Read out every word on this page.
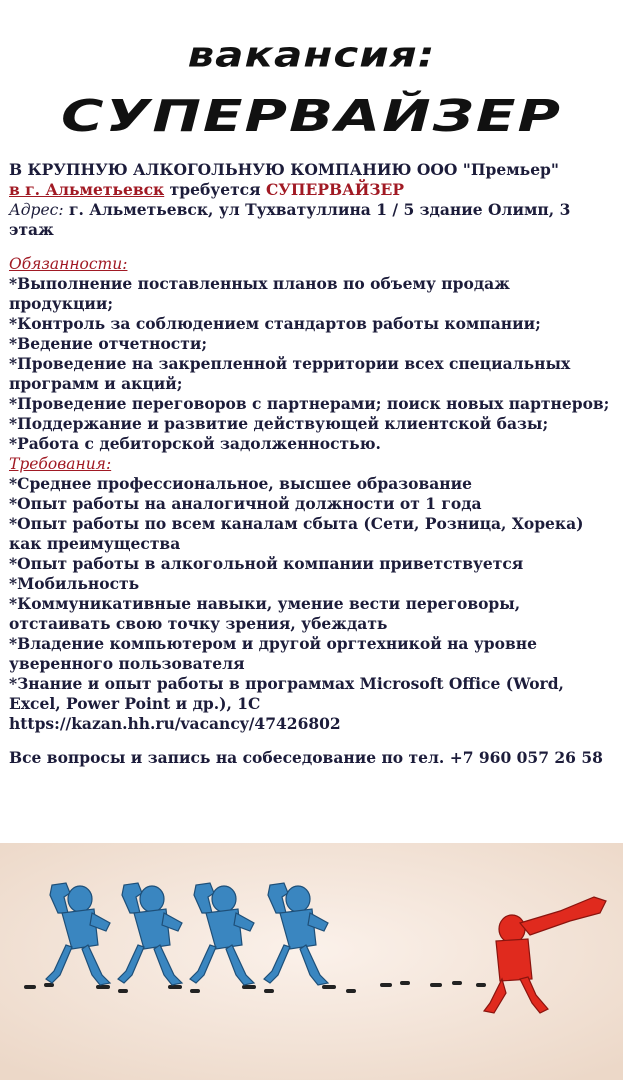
вакансия:
СУПЕРВАЙЗЕР
В КРУПНУЮ АЛКОГОЛЬНУЮ КОМПАНИЮ ООО "Премьер"
в г. Альметьевск требуется СУПЕРВАЙЗЕР
Адрес: г. Альметьевск, ул Тухватуллина 1 / 5 здание Олимп, 3 этаж
Обязанности:
*Выполнение поставленных планов по объему продаж продукции;
*Контроль за соблюдением стандартов работы компании;
*Ведение отчетности;
*Проведение на закрепленной территории всех специальных программ и акций;
*Проведение переговоров с партнерами; поиск новых партнеров;
*Поддержание и развитие действующей клиентской базы;
*Работа с дебиторской задолженностью.
Требования:
*Среднее профессиональное, высшее образование
*Опыт работы на аналогичной должности от 1 года
*Опыт работы по всем каналам сбыта (Сети, Розница, Хорека) как преимущества
*Опыт работы в алкогольной компании приветствуется
*Мобильность
*Коммуникативные навыки, умение вести переговоры, отстаивать свою точку зрения, убеждать
*Владение компьютером и другой оргтехникой на уровне уверенного пользователя
*Знание и опыт работы в программах Microsoft Office (Word, Excel, Power Point и др.), 1С
https://kazan.hh.ru/vacancy/47426802
Все вопросы и запись на собеседование по тел. +7 960 057 26 58
